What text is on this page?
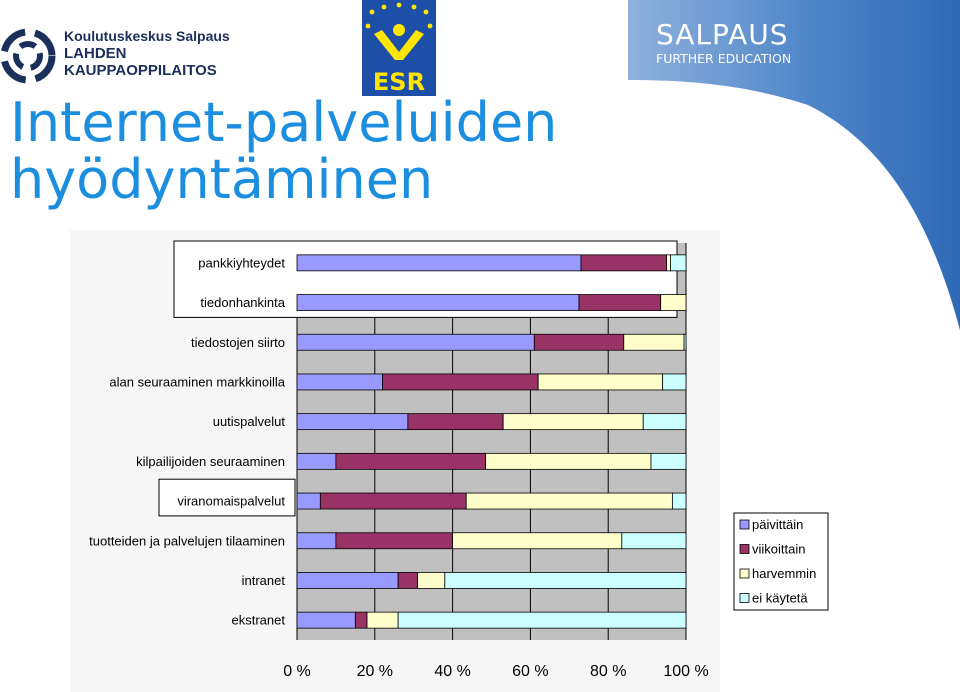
Koulutuskeskus Salpaus
LAHDEN
KAUPPAOPPILAITOS	ESR
SALPAUS
FURTHER EDUCATION
Internet-palveluiden
hyödyntäminen
pankkiyhteydet
tiedonhankinta
tiedostojen siirto
alan seuraaminen markkinoilla
uutispalvelut
kilpailijoiden seuraaminen
viranomaispalvelut
tuotteiden ja palvelujen tilaaminen
intranet
ekstranet
0 %	20 %	40 %	60 %	80 % 100 %
päivittäin
viikoittain
harvemmin
ei käytetä
